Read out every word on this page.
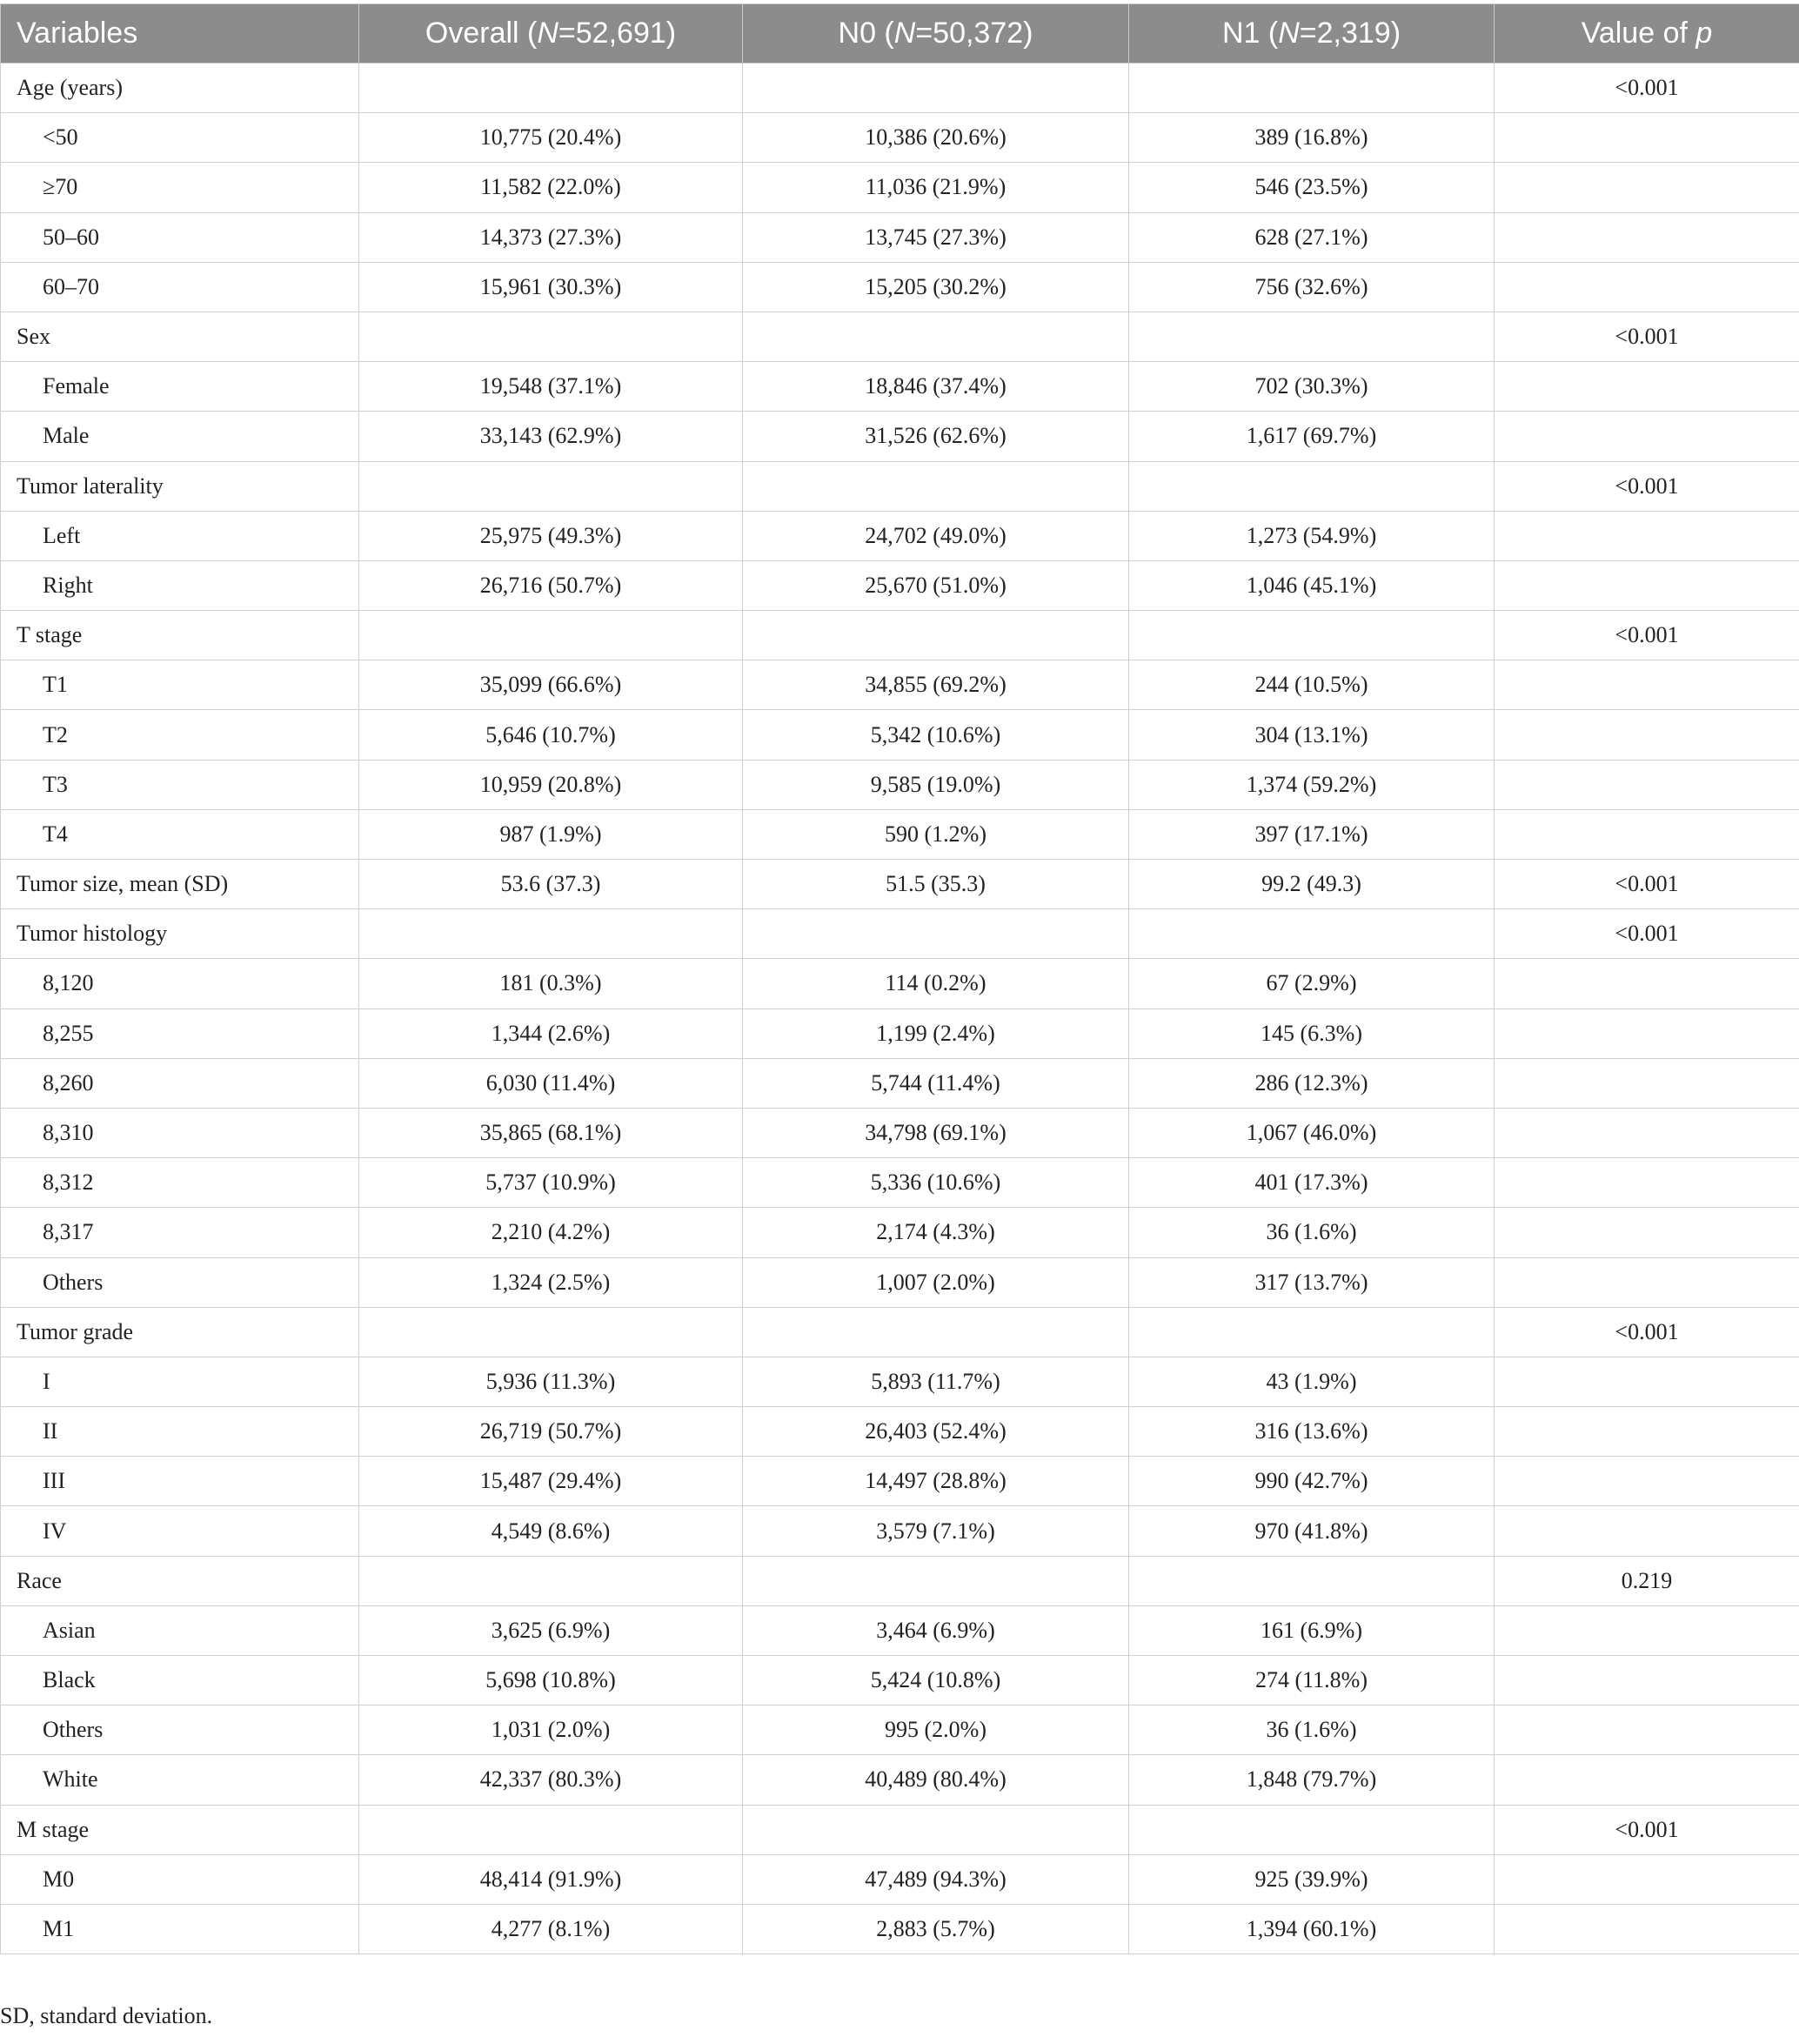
Variables	Overall (N=52,691)	N0 (N=50,372)	N1 (N=2,319)	Value of p
Age (years)				<0.001
<50	10,775 (20.4%)	10,386 (20.6%)	389 (16.8%)	
≥70	11,582 (22.0%)	11,036 (21.9%)	546 (23.5%)	
50–60	14,373 (27.3%)	13,745 (27.3%)	628 (27.1%)	
60–70	15,961 (30.3%)	15,205 (30.2%)	756 (32.6%)	
Sex				<0.001
Female	19,548 (37.1%)	18,846 (37.4%)	702 (30.3%)	
Male	33,143 (62.9%)	31,526 (62.6%)	1,617 (69.7%)	
Tumor laterality				<0.001
Left	25,975 (49.3%)	24,702 (49.0%)	1,273 (54.9%)	
Right	26,716 (50.7%)	25,670 (51.0%)	1,046 (45.1%)	
T stage				<0.001
T1	35,099 (66.6%)	34,855 (69.2%)	244 (10.5%)	
T2	5,646 (10.7%)	5,342 (10.6%)	304 (13.1%)	
T3	10,959 (20.8%)	9,585 (19.0%)	1,374 (59.2%)	
T4	987 (1.9%)	590 (1.2%)	397 (17.1%)	
Tumor size, mean (SD)	53.6 (37.3)	51.5 (35.3)	99.2 (49.3)	<0.001
Tumor histology				<0.001
8,120	181 (0.3%)	114 (0.2%)	67 (2.9%)	
8,255	1,344 (2.6%)	1,199 (2.4%)	145 (6.3%)	
8,260	6,030 (11.4%)	5,744 (11.4%)	286 (12.3%)	
8,310	35,865 (68.1%)	34,798 (69.1%)	1,067 (46.0%)	
8,312	5,737 (10.9%)	5,336 (10.6%)	401 (17.3%)	
8,317	2,210 (4.2%)	2,174 (4.3%)	36 (1.6%)	
Others	1,324 (2.5%)	1,007 (2.0%)	317 (13.7%)	
Tumor grade				<0.001
I	5,936 (11.3%)	5,893 (11.7%)	43 (1.9%)	
II	26,719 (50.7%)	26,403 (52.4%)	316 (13.6%)	
III	15,487 (29.4%)	14,497 (28.8%)	990 (42.7%)	
IV	4,549 (8.6%)	3,579 (7.1%)	970 (41.8%)	
Race				0.219
Asian	3,625 (6.9%)	3,464 (6.9%)	161 (6.9%)	
Black	5,698 (10.8%)	5,424 (10.8%)	274 (11.8%)	
Others	1,031 (2.0%)	995 (2.0%)	36 (1.6%)	
White	42,337 (80.3%)	40,489 (80.4%)	1,848 (79.7%)	
M stage				<0.001
M0	48,414 (91.9%)	47,489 (94.3%)	925 (39.9%)	
M1	4,277 (8.1%)	2,883 (5.7%)	1,394 (60.1%)	
SD, standard deviation.
